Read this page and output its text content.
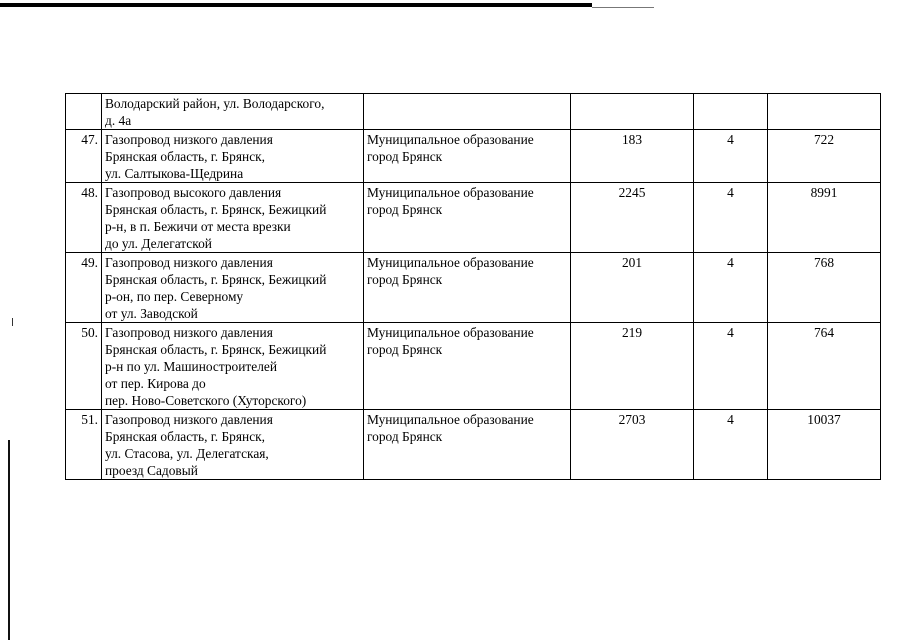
	Володарский район, ул. Володарского,
д. 4а				
47.	Газопровод низкого давления
Брянская область, г. Брянск,
ул. Салтыкова-Щедрина	Муниципальное образование
город Брянск	183	4	722
48.	Газопровод высокого давления
Брянская область, г. Брянск, Бежицкий
р-н, в п. Бежичи от места врезки
до ул. Делегатской	Муниципальное образование
город Брянск	2245	4	8991
49.	Газопровод низкого давления
Брянская область, г. Брянск, Бежицкий
р-он, по пер. Северному
от ул. Заводской	Муниципальное образование
город Брянск	201	4	768
50.	Газопровод низкого давления
Брянская область, г. Брянск, Бежицкий
р-н по ул. Машиностроителей
от пер. Кирова до
пер. Ново-Советского (Хуторского)	Муниципальное образование
город Брянск	219	4	764
51.	Газопровод низкого давления
Брянская область, г. Брянск,
ул. Стасова, ул. Делегатская,
проезд Садовый	Муниципальное образование
город Брянск	2703	4	10037
